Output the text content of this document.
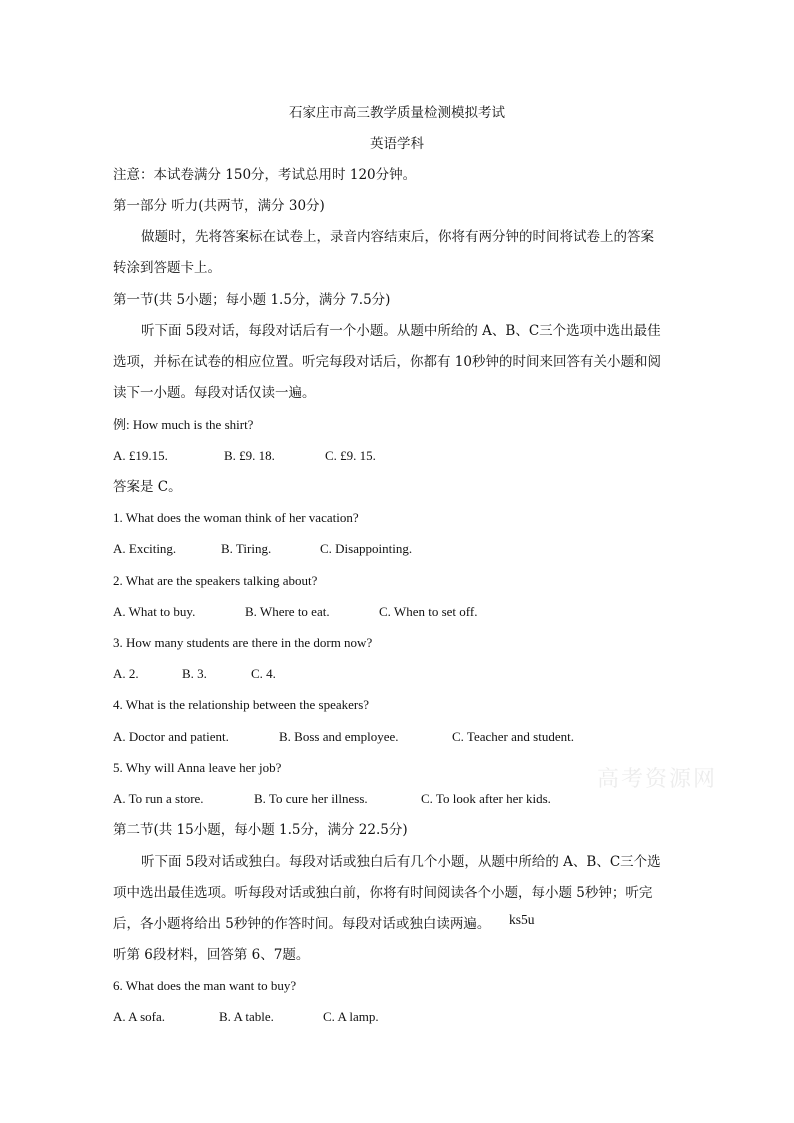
石家庄市高三教学质量检测模拟考试
英语学科
注意：本试卷满分 150分，考试总用时 120分钟。
第一部分 听力(共两节，满分 30分)
做题时，先将答案标在试卷上，录音内容结束后，你将有两分钟的时间将试卷上的答案
转涂到答题卡上。
第一节(共 5小题；每小题 1.5分，满分 7.5分)
听下面 5段对话，每段对话后有一个小题。从题中所给的 A、B、C三个选项中选出最佳
选项，并标在试卷的相应位置。听完每段对话后，你都有 10秒钟的时间来回答有关小题和阅
读下一小题。每段对话仅读一遍。
例: How much is the shirt?
A. £19.15.	B. £9. 18.	C. £9. 15.
答案是 C。
1. What does the woman think of her vacation?
A. Exciting.	B. Tiring.	C. Disappointing.
2. What are the speakers talking about?
A. What to buy.	B. Where to eat.	C. When to set off.
3. How many students are there in the dorm now?
A. 2.	B. 3.	C. 4.
4. What is the relationship between the speakers?
A. Doctor and patient.	B. Boss and employee.	C. Teacher and student.
5. Why will Anna leave her job?
A. To run a store.	B. To cure her illness.	C. To look after her kids.
高考资源网
第二节(共 15小题，每小题 1.5分，满分 22.5分)
听下面 5段对话或独白。每段对话或独白后有几个小题，从题中所给的 A、B、C三个选
项中选出最佳选项。听每段对话或独白前，你将有时间阅读各个小题，每小题 5秒钟；听完
后，各小题将给出 5秒钟的作答时间。每段对话或独白读两遍。 ks5u
听第 6段材料，回答第 6、7题。
6. What does the man want to buy?
A. A sofa.	B. A table.	C. A lamp.
